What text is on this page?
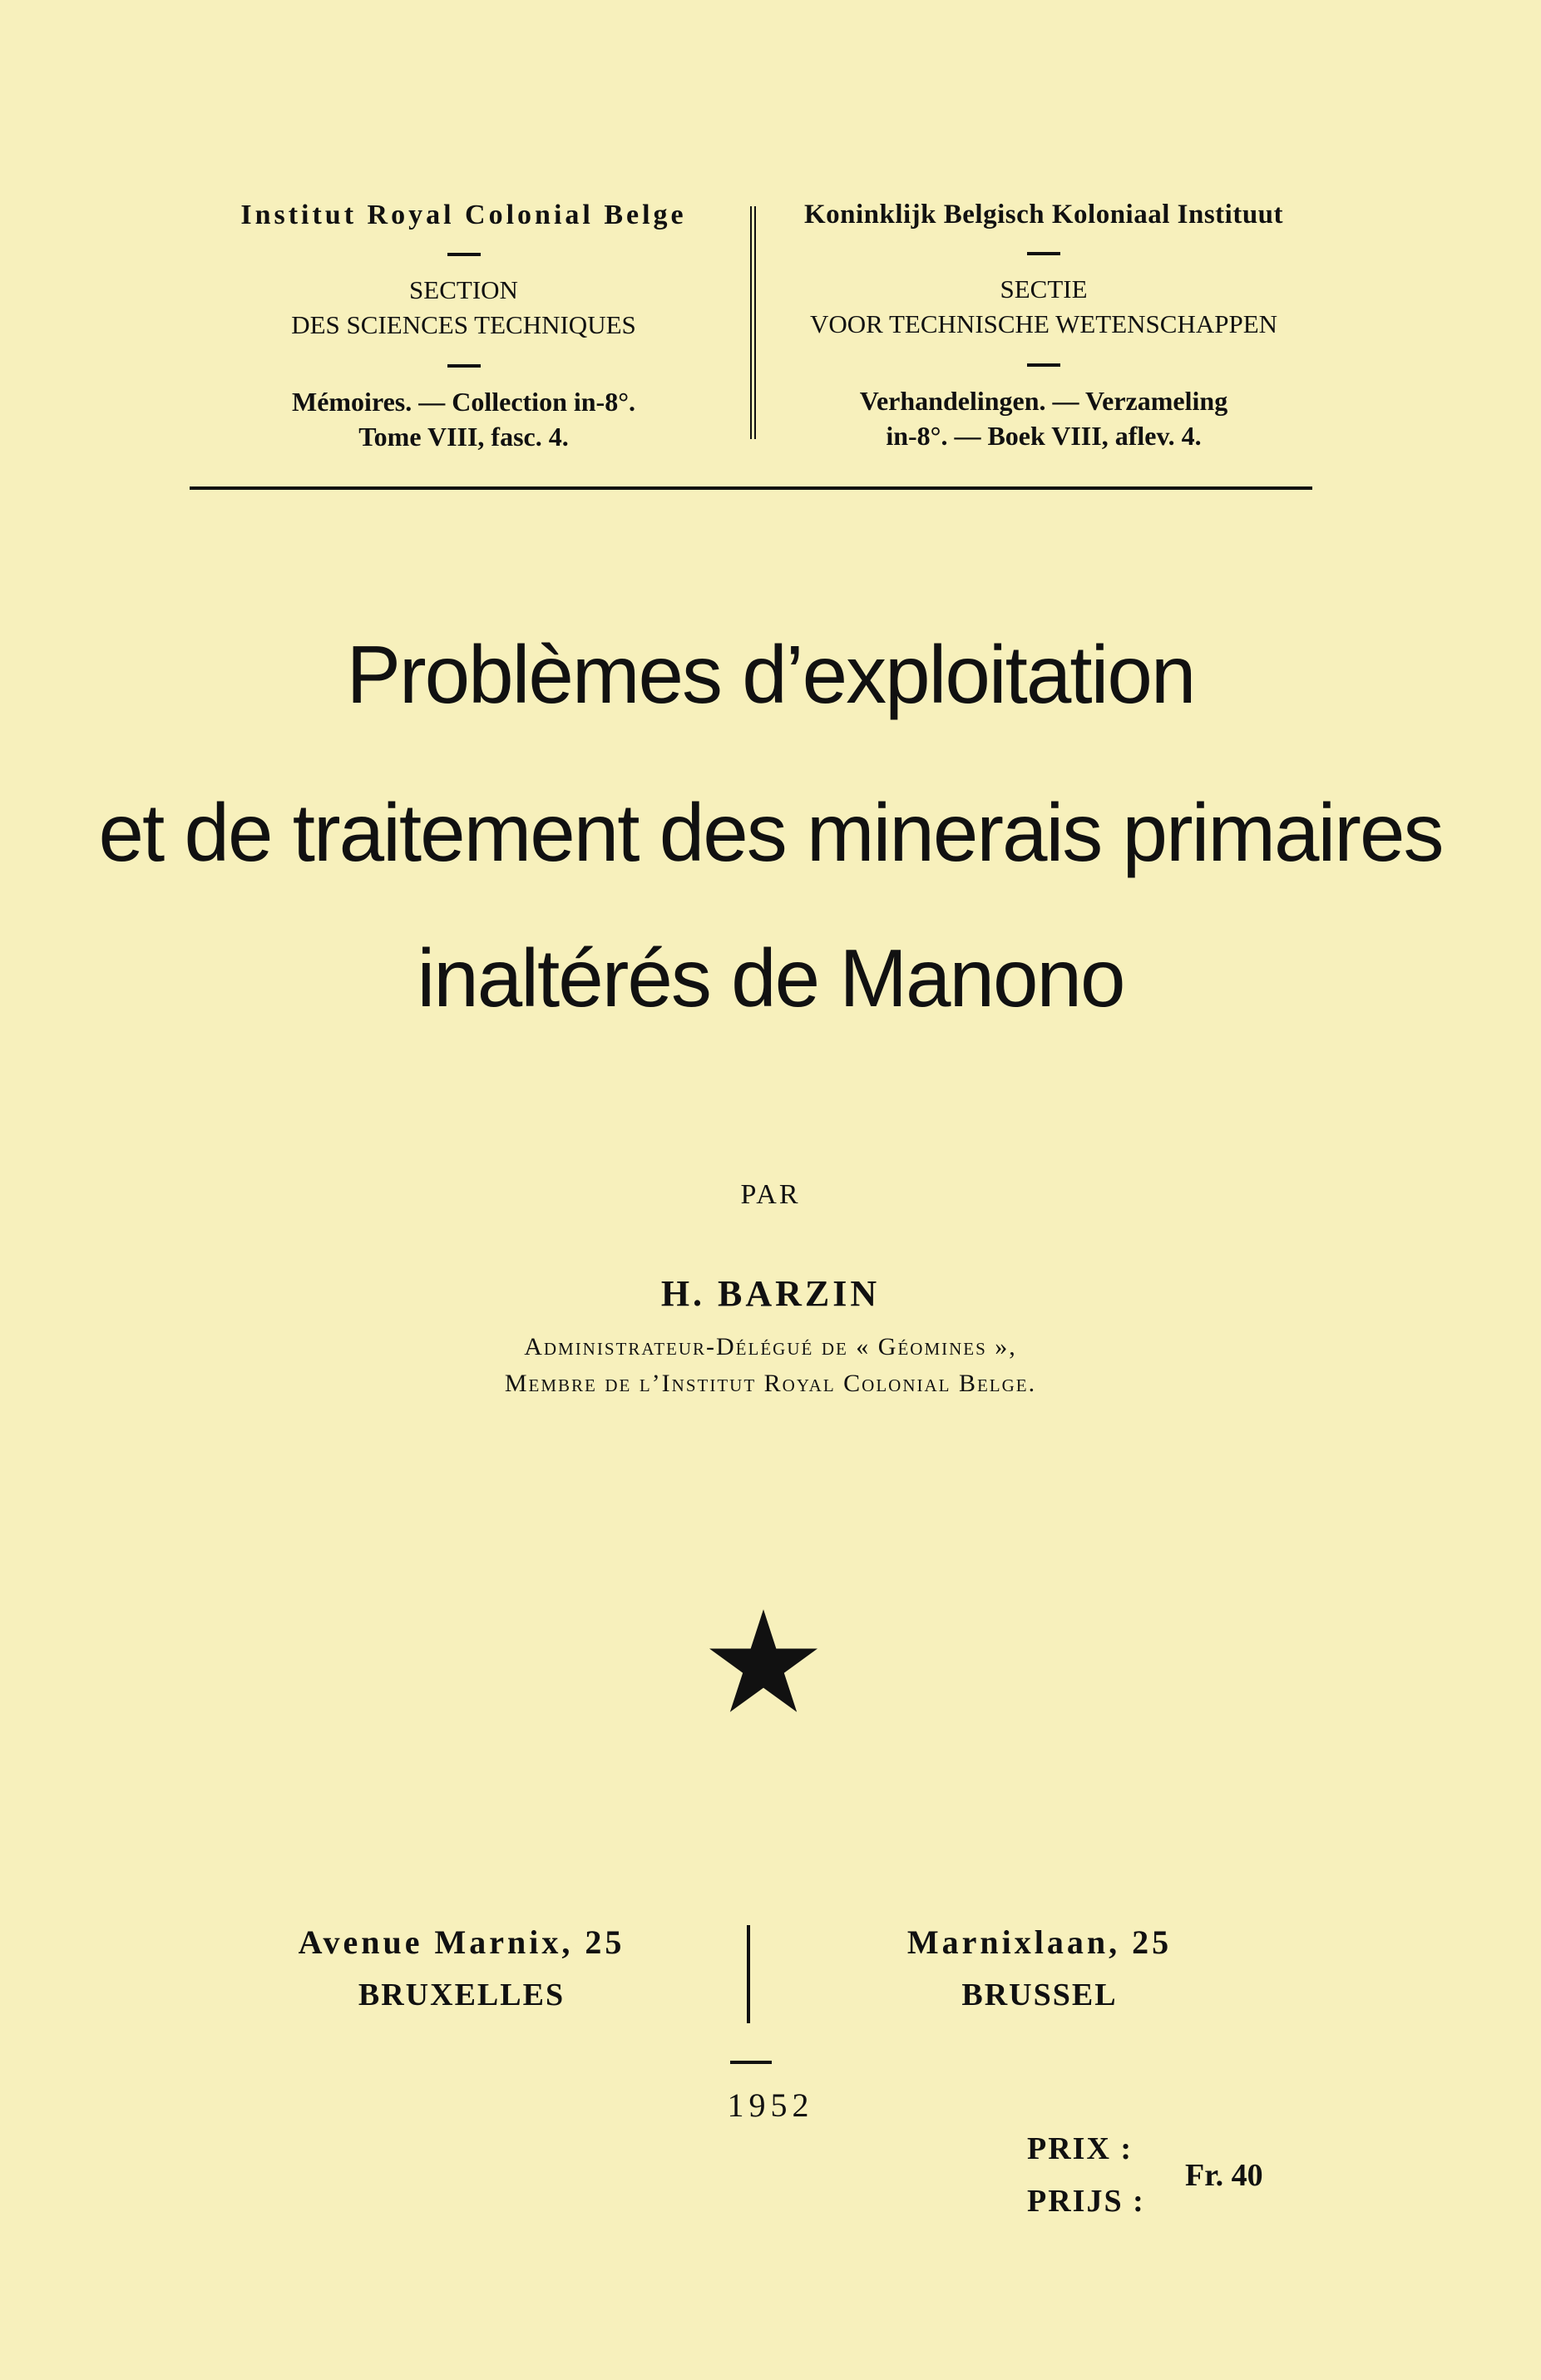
Institut Royal Colonial Belge
SECTION
DES SCIENCES TECHNIQUES
Mémoires. — Collection in-8°.
Tome VIII, fasc. 4.
Koninklijk Belgisch Koloniaal Instituut
SECTIE
VOOR TECHNISCHE WETENSCHAPPEN
Verhandelingen. — Verzameling
in-8°. — Boek VIII, aflev. 4.
Problèmes d’exploitation
et de traitement des minerais primaires
inaltérés de Manono
PAR
H. BARZIN
Administrateur-Délégué de « Géomines »,
Membre de l’Institut Royal Colonial Belge.
Avenue Marnix, 25
BRUXELLES
Marnixlaan, 25
BRUSSEL
1952
PRIX :
PRIJS :
Fr. 40
